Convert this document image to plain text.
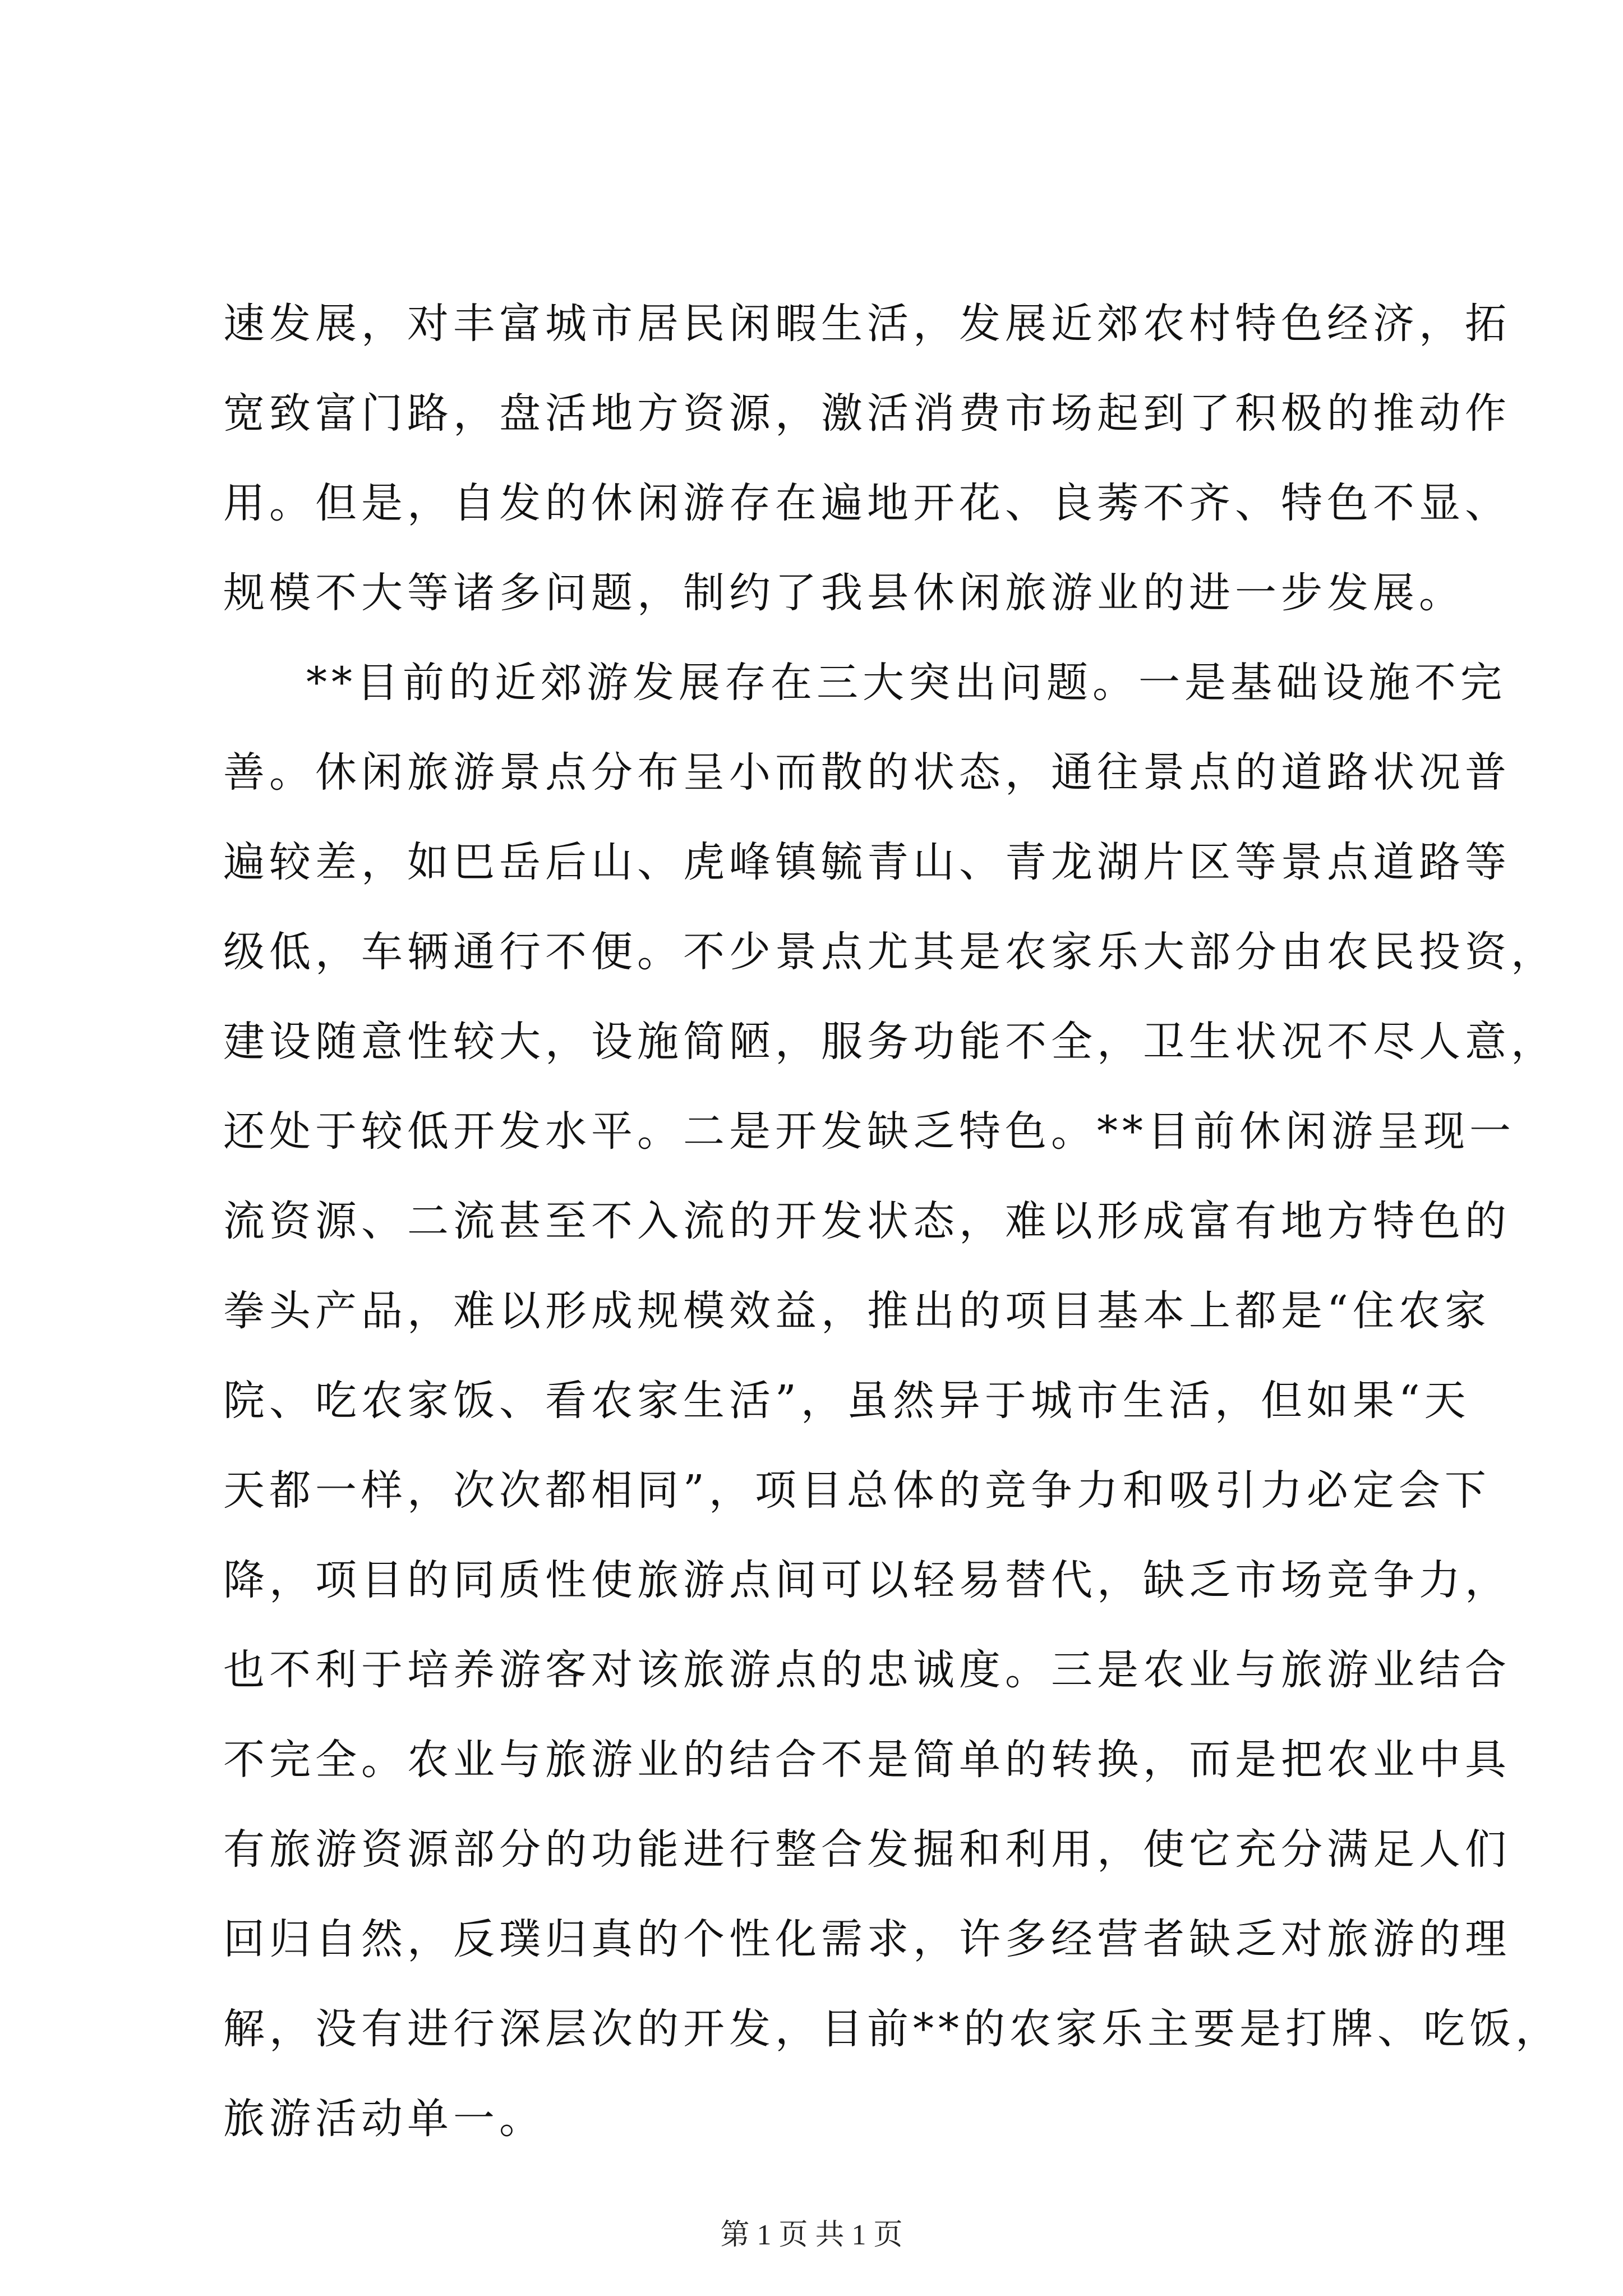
速发展，对丰富城市居民闲暇生活，发展近郊农村特色经济，拓
宽致富门路，盘活地方资源，激活消费市场起到了积极的推动作
用。但是，自发的休闲游存在遍地开花、良莠不齐、特色不显、
规模不大等诸多问题，制约了我县休闲旅游业的进一步发展。
**目前的近郊游发展存在三大突出问题。一是基础设施不完
善。休闲旅游景点分布呈小而散的状态，通往景点的道路状况普
遍较差，如巴岳后山、虎峰镇毓青山、青龙湖片区等景点道路等
级低，车辆通行不便。不少景点尤其是农家乐大部分由农民投资，
建设随意性较大，设施简陋，服务功能不全，卫生状况不尽人意，
还处于较低开发水平。二是开发缺乏特色。**目前休闲游呈现一
流资源、二流甚至不入流的开发状态，难以形成富有地方特色的
拳头产品，难以形成规模效益，推出的项目基本上都是“住农家
院、吃农家饭、看农家生活”，虽然异于城市生活，但如果“天
天都一样，次次都相同”，项目总体的竞争力和吸引力必定会下
降，项目的同质性使旅游点间可以轻易替代，缺乏市场竞争力，
也不利于培养游客对该旅游点的忠诚度。三是农业与旅游业结合
不完全。农业与旅游业的结合不是简单的转换，而是把农业中具
有旅游资源部分的功能进行整合发掘和利用，使它充分满足人们
回归自然，反璞归真的个性化需求，许多经营者缺乏对旅游的理
解，没有进行深层次的开发，目前**的农家乐主要是打牌、吃饭，
旅游活动单一。
第 1 页 共 1 页
